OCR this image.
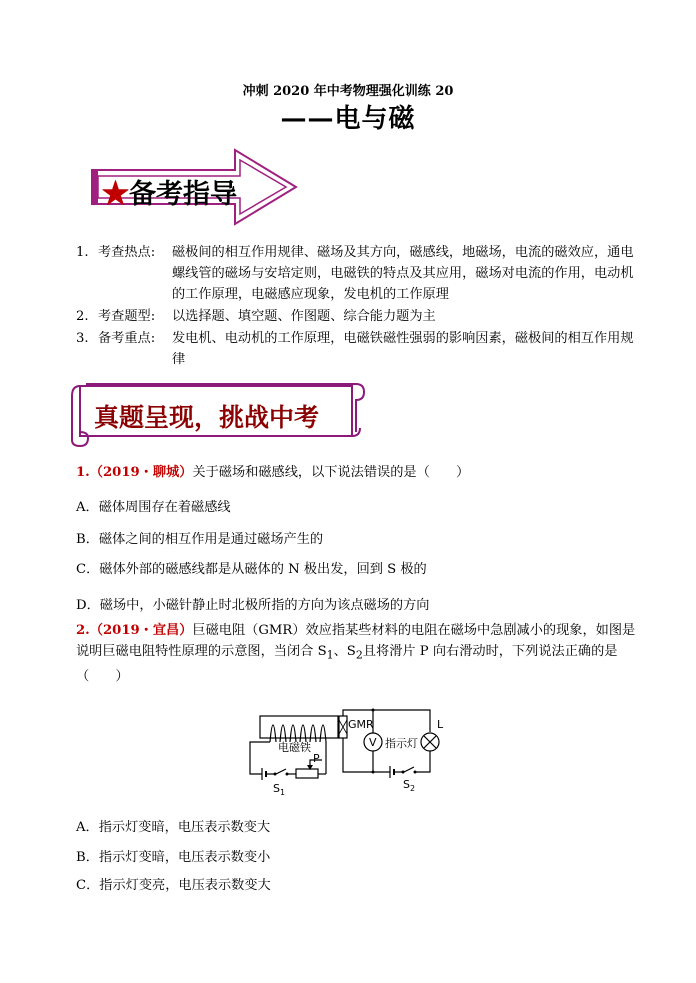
冲刺 2020 年中考物理强化训练 20
——电与磁
★备考指导
1. 考查热点:	磁极间的相互作用规律、磁场及其方向，磁感线，地磁场，电流的磁效应，通电螺线管的磁场与安培定则，电磁铁的特点及其应用，磁场对电流的作用，电动机的工作原理，电磁感应现象，发电机的工作原理
2. 考查题型:	以选择题、填空题、作图题、综合能力题为主
3. 备考重点:	发电机、电动机的工作原理，电磁铁磁性强弱的影响因素，磁极间的相互作用规律
真题呈现，挑战中考
1.（2019・聊城）关于磁场和磁感线，以下说法错误的是（　　）
A．磁体周围存在着磁感线
B．磁体之间的相互作用是通过磁场产生的
C．磁体外部的磁感线都是从磁体的 N 极出发，回到 S 极的
D．磁场中，小磁针静止时北极所指的方向为该点磁场的方向
2.（2019・宜昌）巨磁电阻（GMR）效应指某些材料的电阻在磁场中急剧减小的现象，如图是说明巨磁电阻特性原理的示意图，当闭合 $S_1$、$S_2$且将滑片 P 向右滑动时，下列说法正确的是（　　）
P
电磁铁
$S_1$
GMR	L
$S_2$
V 指示灯
A．指示灯变暗，电压表示数变大
B．指示灯变暗，电压表示数变小
C．指示灯变亮，电压表示数变大
